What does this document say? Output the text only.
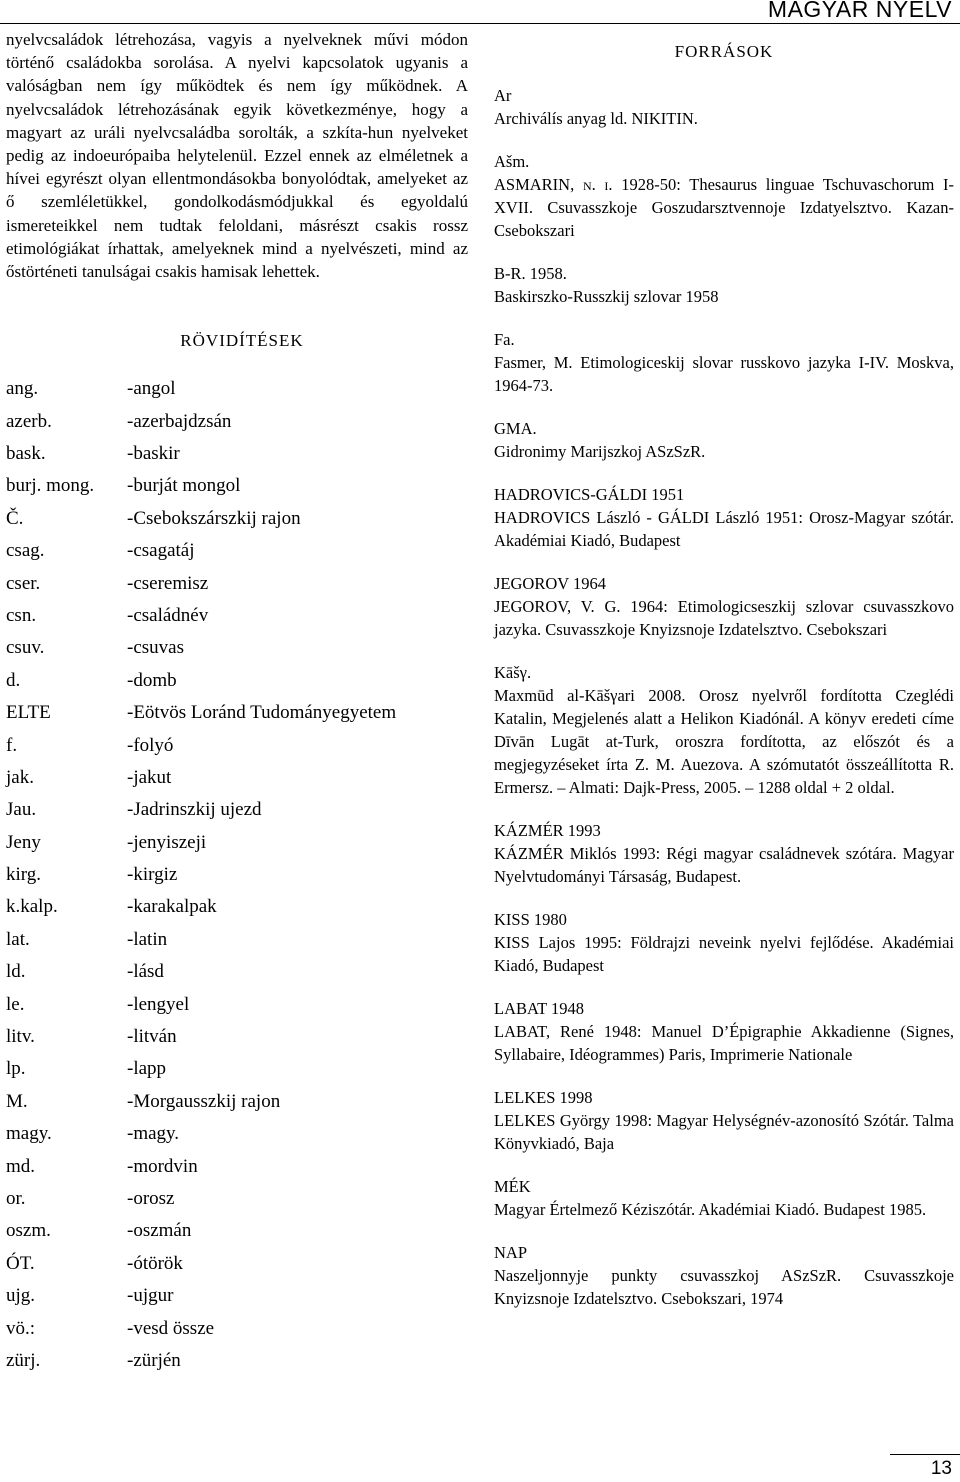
MAGYAR NYELV

nyelvcsaládok létrehozása, vagyis a nyelveknek művi módon történő családokba sorolása. A nyelvi kapcsolatok ugyanis a valóságban nem így működtek és nem így működnek. A nyelvcsaládok létrehozásának egyik következménye, hogy a magyart az uráli nyelvcsaládba sorolták, a szkíta-hun nyelveket pedig az indoeurópaiba helytelenül. Ezzel ennek az elméletnek a hívei egyrészt olyan ellentmondásokba bonyolódtak, amelyeket az ő szemléletükkel, gondolkodásmódjukkal és egyoldalú ismereteikkel nem tudtak feloldani, másrészt csakis rossz etimológiákat írhattak, amelyeknek mind a nyelvészeti, mind az őstörténeti tanulságai csakis hamisak lehettek.

RÖVIDÍTÉSEK
ang.	-angol
azerb.	-azerbajdzsán
bask.	-baskir
burj. mong.	-burját mongol
Č.	-Csebokszárszkij rajon
csag.	-csagatáj
cser.	-cseremisz
csn.	-családnév
csuv.	-csuvas
d.	-domb
ELTE	-Eötvös Loránd Tudományegyetem
f.	-folyó
jak.	-jakut
Jau.	-Jadrinszkij ujezd
Jeny	-jenyiszeji
kirg.	-kirgiz
k.kalp.	-karakalpak
lat.	-latin
ld.	-lásd
le.	-lengyel
litv.	-litván
lp.	-lapp
M.	-Morgausszkij rajon
magy.	-magy.
md.	-mordvin
or.	-orosz
oszm.	-oszmán
ÓT.	-ótörök
ujg.	-ujgur
vö.:	-vesd össze
zürj.	-zürjén
FORRÁSOK
Ar
Archiválís anyag ld. NIKITIN.
Ašm.
ASMARIN, n. i. 1928-50: Thesaurus linguae Tschuvaschorum I-XVII. Csuvasszkoje Goszudarsztvennoje Izdatyelsztvo. Kazan-Csebokszari
B-R. 1958.
Baskirszko-Russzkij szlovar 1958
Fa.
Fasmer, M. Etimologiceskij slovar russkovo jazyka I-IV. Moskva, 1964-73.
GMA.
Gidronimy Marijszkoj ASzSzR.
HADROVICS-GÁLDI 1951
HADROVICS László - GÁLDI László 1951: Orosz-Magyar szótár. Akadémiai Kiadó, Budapest
JEGOROV 1964
JEGOROV, V. G. 1964: Etimologicseszkij szlovar csuvasszkovo jazyka. Csuvasszkoje Knyizsnoje Izdatelsztvo. Csebokszari
Kāšγ.
Maxmūd al-Kāšγari 2008. Orosz nyelvről fordította Czeglédi Katalin, Megjelenés alatt a Helikon Kiadónál. A könyv eredeti címe Dīvān Lugāt at-Turk, oroszra fordította, az előszót és a megjegyzéseket írta Z. M. Auezova. A szómutatót összeállította R. Ermersz. – Almati: Dajk-Press, 2005. – 1288 oldal + 2 oldal.
KÁZMÉR 1993
KÁZMÉR Miklós 1993: Régi magyar családnevek szótára. Magyar Nyelvtudományi Társaság, Budapest.
KISS 1980
KISS Lajos 1995: Földrajzi neveink nyelvi fejlődése. Akadémiai Kiadó, Budapest
LABAT 1948
LABAT, René 1948: Manuel D’Épigraphie Akkadienne (Signes, Syllabaire, Idéogrammes) Paris, Imprimerie Nationale
LELKES 1998
LELKES György 1998: Magyar Helységnév-azonosító Szótár. Talma Könyvkiadó, Baja
MÉK
Magyar Értelmező Kéziszótár. Akadémiai Kiadó. Budapest 1985.
NAP
Naszeljonnyje punkty csuvasszkoj ASzSzR. Csuvasszkoje Knyizsnoje Izdatelsztvo. Csebokszari, 1974
13
